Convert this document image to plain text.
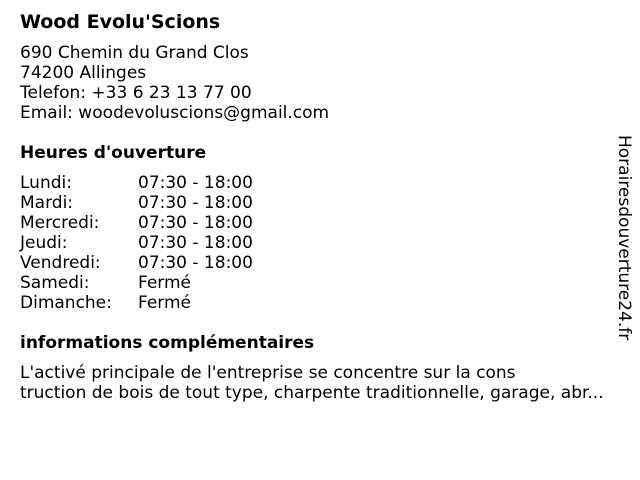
Wood Evolu'Scions
690 Chemin du Grand Clos
74200 Allinges
Telefon: +33 6 23 13 77 00
Email: woodevoluscions@gmail.com
Heures d'ouverture
Lundi:	07:30 - 18:00
Mardi:	07:30 - 18:00
Mercredi:	07:30 - 18:00
Jeudi:	07:30 - 18:00
Vendredi:	07:30 - 18:00
Samedi:	Fermé
Dimanche:	Fermé
informations complémentaires
L'activé principale de l'entreprise se concentre sur la cons
truction de bois de tout type, charpente traditionnelle, garage, abr...
Horairesdouverture24.fr
